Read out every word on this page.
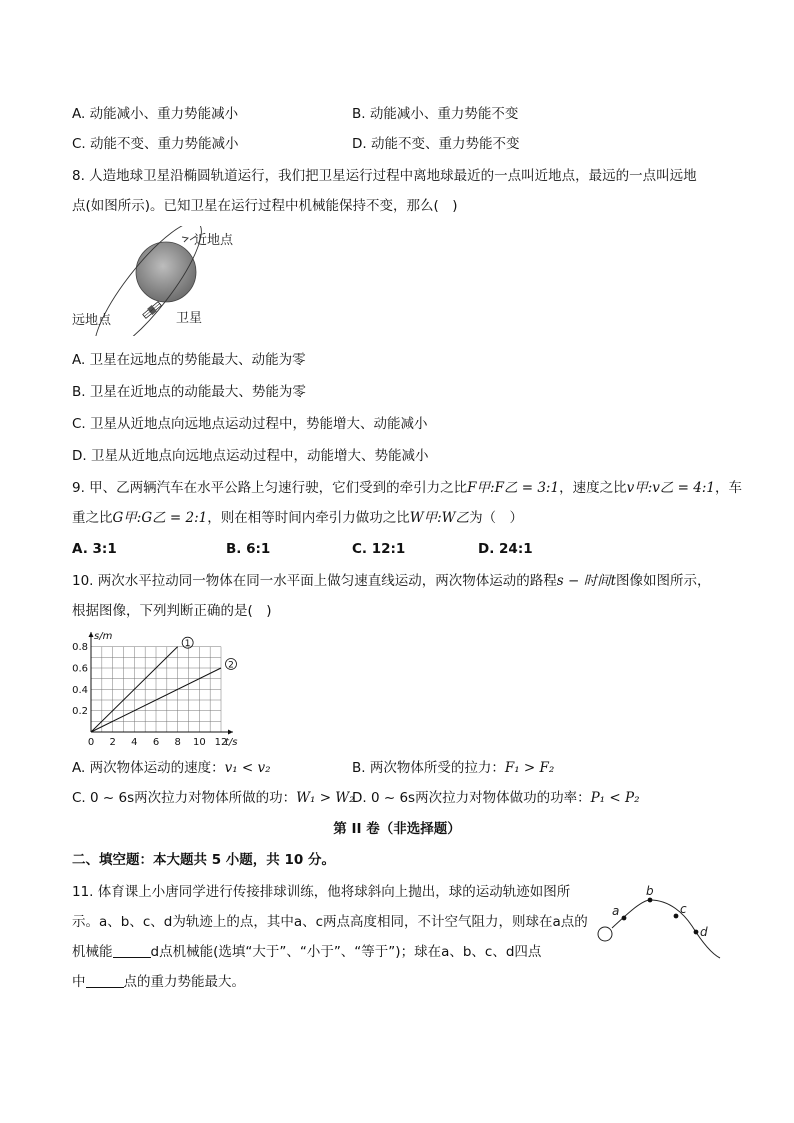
A. 动能减小、重力势能减小	B. 动能减小、重力势能不变
C. 动能不变、重力势能减小	D. 动能不变、重力势能不变
8. 人造地球卫星沿椭圆轨道运行，我们把卫星运行过程中离地球最近的一点叫近地点，最远的一点叫远地
点(如图所示)。已知卫星在运行过程中机械能保持不变，那么(　)
近地点
远地点	卫星
A. 卫星在远地点的势能最大、动能为零
B. 卫星在近地点的动能最大、势能为零
C. 卫星从近地点向远地点运动过程中，势能增大、动能减小
D. 卫星从近地点向远地点运动过程中，动能增大、势能减小
9. 甲、乙两辆汽车在水平公路上匀速行驶，它们受到的牵引力之比F甲:F乙 = 3:1，速度之比v甲:v乙 = 4:1，车
重之比G甲:G乙 = 2:1，则在相等时间内牵引力做功之比W甲:W乙为（　）
A. 3:1	B. 6:1	C. 12:1	D. 24:1
10. 两次水平拉动同一物体在同一水平面上做匀速直线运动，两次物体运动的路程s − 时间t图像如图所示，
根据图像，下列判断正确的是(　)
0 2 4 6 8 10 12
0.2
0.4
0.6
0.8
s/m
t/s
1
2
A. 两次物体运动的速度：v₁ < v₂	B. 两次物体所受的拉力：F₁ > F₂
C. 0 ~ 6s两次拉力对物体所做的功：W₁ > W₂
D. 0 ~ 6s两次拉力对物体做功的功率：P₁ < P₂
第 II 卷（非选择题）
二、填空题：本大题共 5 小题，共 10 分。
11. 体育课上小唐同学进行传接排球训练，他将球斜向上抛出，球的运动轨迹如图所
示。a、b、c、d为轨迹上的点，其中a、c两点高度相同，不计空气阻力，则球在a点的
机械能	d点机械能(选填“大于”、“小于”、“等于”)；球在a、b、c、d四点
中	点的重力势能最大。
a
b
c
d
